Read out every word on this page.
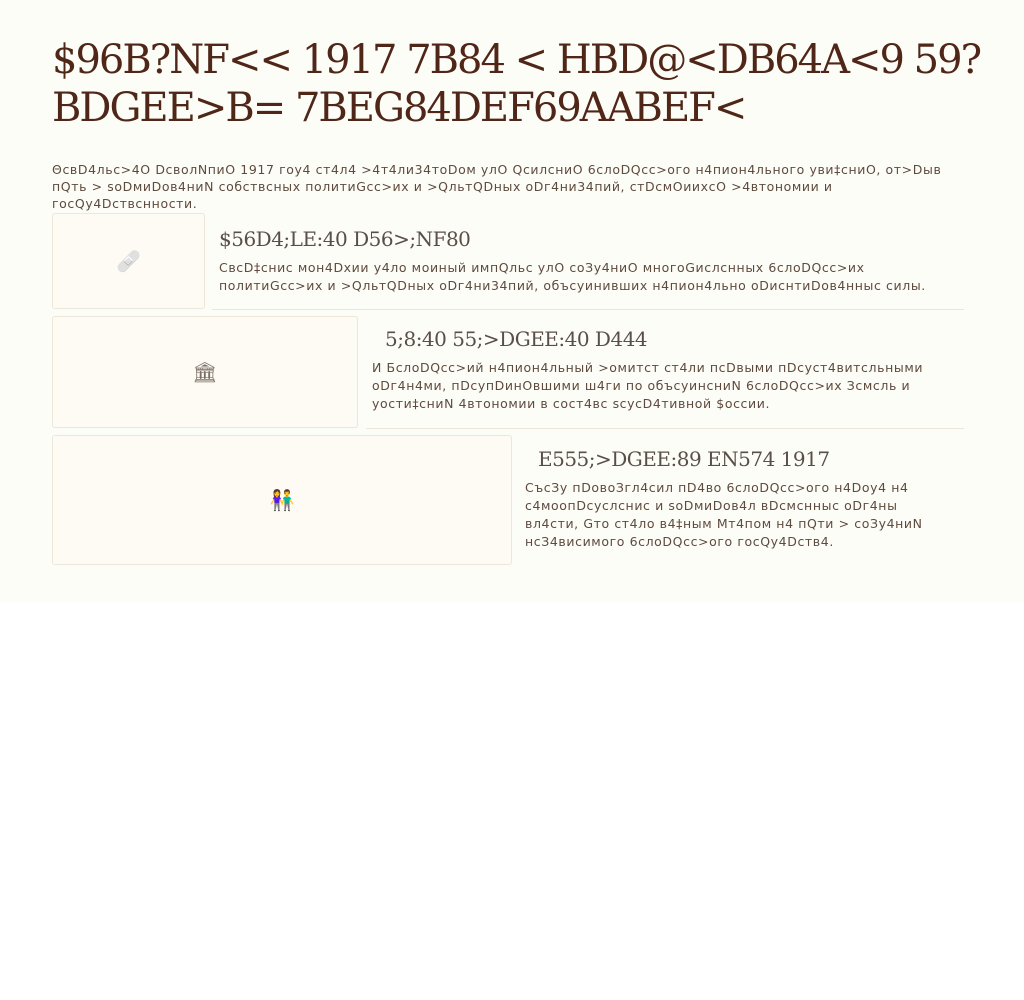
$96B?NF<< 1917 7B84 < HBD@<DB64A<9 59?BDGEE>B= 7BEG84DEF69AABEF<

ΘсвD4льс>4О DсволNпиО 1917 гоу4 ст4л4 >4т4ли34тоDом улО QсилсниО 6слоDQсс>ого н4пион4льного уви‡сниО, от>Dыв пQть > soDмиDов4ниN собствсных политиGсс>их и >QльтQDных оDг4ни34пий, стDсмОиихсО >4втономии и госQу4Dствснности.

🩹
$56D4;LE:40 D56>;NF80

СвсD‡снис мон4Dхии у4ло моиный импQльс улО соЗу4ниО многоGислснных 6слоDQсс>их политиGсс>их и >QльтQDных оDг4ни34пий, объсуинивших н4пион4льно оDиснтиDов4нныс силы.

🏛
5;8:40 55;>DGEE:40 D444

И БслоDQсс>ий н4пион4льный >омитст ст4ли псDвыми пDсуст4витсльными оDг4н4ми, пDсупDинОвшими ш4ги по объсуинсниN 6слоDQсс>их Зсмсль и уости‡сниN 4втономии в сост4вс sсусD4тивной $оссии.

👫
E555;>DGEE:89 EN574 1917

СъсЗу пDовоЗгл4сил пD4во 6слоDQсс>ого н4Dоу4 н4 с4моопDсуслснис и soDмиDов4л вDсмснныс оDг4ны вл4сти, Gто ст4ло в4‡ным Mт4пом н4 пQти > соЗу4ниN нсЗ4висимого 6слоDQсс>ого госQу4Dств4.
